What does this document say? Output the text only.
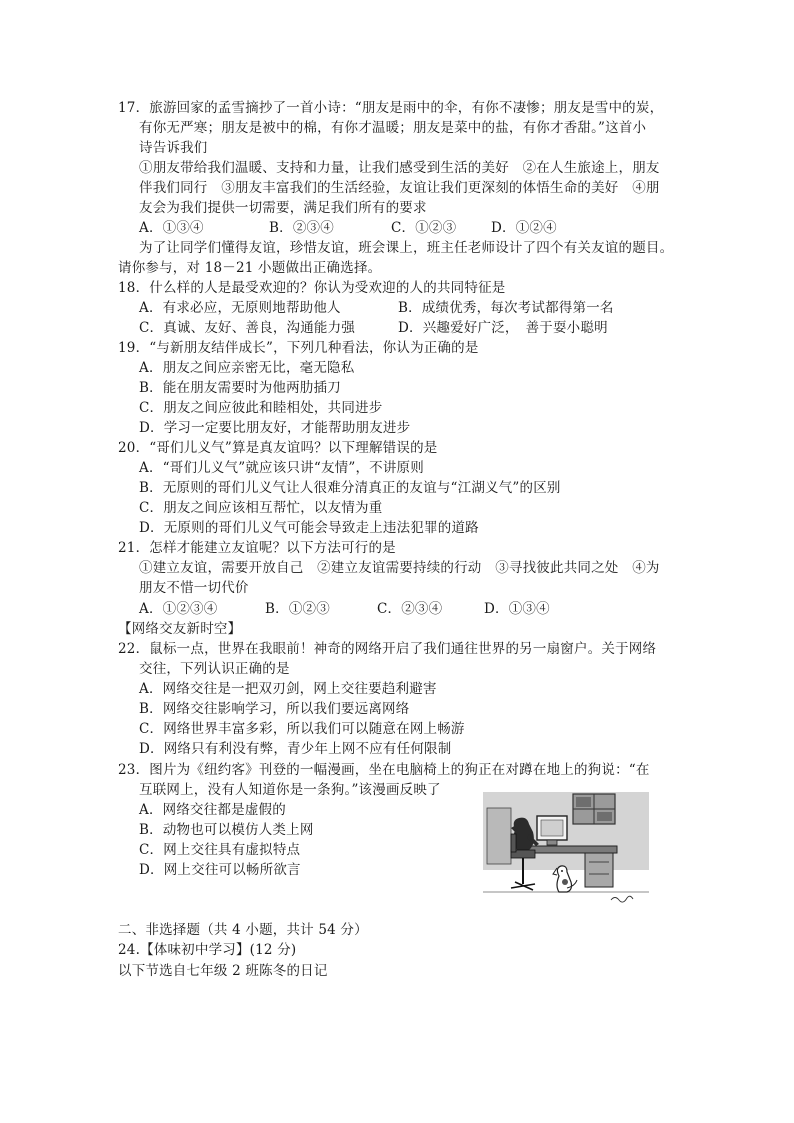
17．旅游回家的孟雪摘抄了一首小诗：“朋友是雨中的伞，有你不凄惨；朋友是雪中的炭，
有你无严寒；朋友是被中的棉，有你才温暖；朋友是菜中的盐，有你才香甜。”这首小
诗告诉我们
①朋友带给我们温暖、支持和力量，让我们感受到生活的美好　②在人生旅途上，朋友
伴我们同行　③朋友丰富我们的生活经验，友谊让我们更深刻的体悟生命的美好　④朋
友会为我们提供一切需要，满足我们所有的要求
A．①③④	B．②③④	C．①②③	D．①②④
为了让同学们懂得友谊，珍惜友谊，班会课上，班主任老师设计了四个有关友谊的题目。
请你参与，对 18－21 小题做出正确选择。
18．什么样的人是最受欢迎的？你认为受欢迎的人的共同特征是
A．有求必应，无原则地帮助他人	B．成绩优秀，每次考试都得第一名
C．真诚、友好、善良，沟通能力强	D．兴趣爱好广泛，　善于耍小聪明
19．“与新朋友结伴成长”，下列几种看法，你认为正确的是
A．朋友之间应亲密无比，毫无隐私
B．能在朋友需要时为他两肋插刀
C．朋友之间应彼此和睦相处，共同进步
D．学习一定要比朋友好，才能帮助朋友进步
20．“哥们儿义气”算是真友谊吗？以下理解错误的是
A．“哥们儿义气”就应该只讲“友情”，不讲原则
B．无原则的哥们儿义气让人很难分清真正的友谊与“江湖义气”的区别
C．朋友之间应该相互帮忙，以友情为重
D．无原则的哥们儿义气可能会导致走上违法犯罪的道路
21．怎样才能建立友谊呢？以下方法可行的是
①建立友谊，需要开放自己　②建立友谊需要持续的行动　③寻找彼此共同之处　④为
朋友不惜一切代价
A．①②③④	B．①②③	C．②③④	D．①③④
【网络交友新时空】
22．鼠标一点，世界在我眼前！神奇的网络开启了我们通往世界的另一扇窗户。关于网络
交往，下列认识正确的是
A．网络交往是一把双刃剑，网上交往要趋利避害
B．网络交往影响学习，所以我们要远离网络
C．网络世界丰富多彩，所以我们可以随意在网上畅游
D．网络只有利没有弊，青少年上网不应有任何限制
23．图片为《纽约客》刊登的一幅漫画，坐在电脑椅上的狗正在对蹲在地上的狗说：“在
互联网上，没有人知道你是一条狗。”该漫画反映了
A．网络交往都是虚假的
B．动物也可以模仿人类上网
C．网上交往具有虚拟特点
D．网上交往可以畅所欲言
二、非选择题（共 4 小题，共计 54 分）
24.【体味初中学习】(12 分)
以下节选自七年级 2 班陈冬的日记
